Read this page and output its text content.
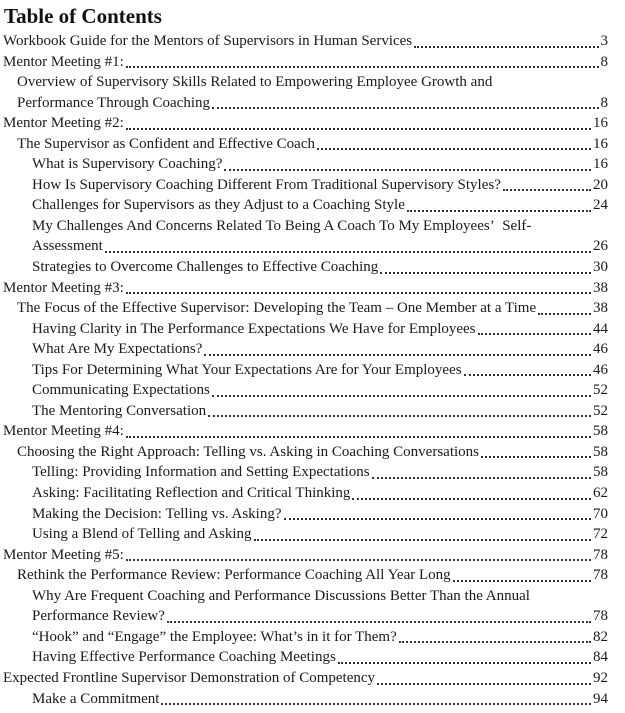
Table of Contents
Workbook Guide for the Mentors of Supervisors in Human Services	3
Mentor Meeting #1:	8
Overview of Supervisory Skills Related to Empowering Employee Growth and
Performance Through Coaching	8
Mentor Meeting #2:	16
The Supervisor as Confident and Effective Coach	16
What is Supervisory Coaching?	16
How Is Supervisory Coaching Different From Traditional Supervisory Styles?	20
Challenges for Supervisors as they Adjust to a Coaching Style	24
My Challenges And Concerns Related To Being A Coach To My Employees’  Self-
Assessment	26
Strategies to Overcome Challenges to Effective Coaching	30
Mentor Meeting #3:	38
The Focus of the Effective Supervisor: Developing the Team – One Member at a Time	38
Having Clarity in The Performance Expectations We Have for Employees	44
What Are My Expectations?	46
Tips For Determining What Your Expectations Are for Your Employees	46
Communicating Expectations	52
The Mentoring Conversation	52
Mentor Meeting #4:	58
Choosing the Right Approach: Telling vs. Asking in Coaching Conversations	58
Telling: Providing Information and Setting Expectations	58
Asking: Facilitating Reflection and Critical Thinking	62
Making the Decision: Telling vs. Asking?	70
Using a Blend of Telling and Asking	72
Mentor Meeting #5:	78
Rethink the Performance Review: Performance Coaching All Year Long	78
Why Are Frequent Coaching and Performance Discussions Better Than the Annual
Performance Review?	78
“Hook” and “Engage” the Employee: What’s in it for Them?	82
Having Effective Performance Coaching Meetings	84
Expected Frontline Supervisor Demonstration of Competency	92
Make a Commitment	94
